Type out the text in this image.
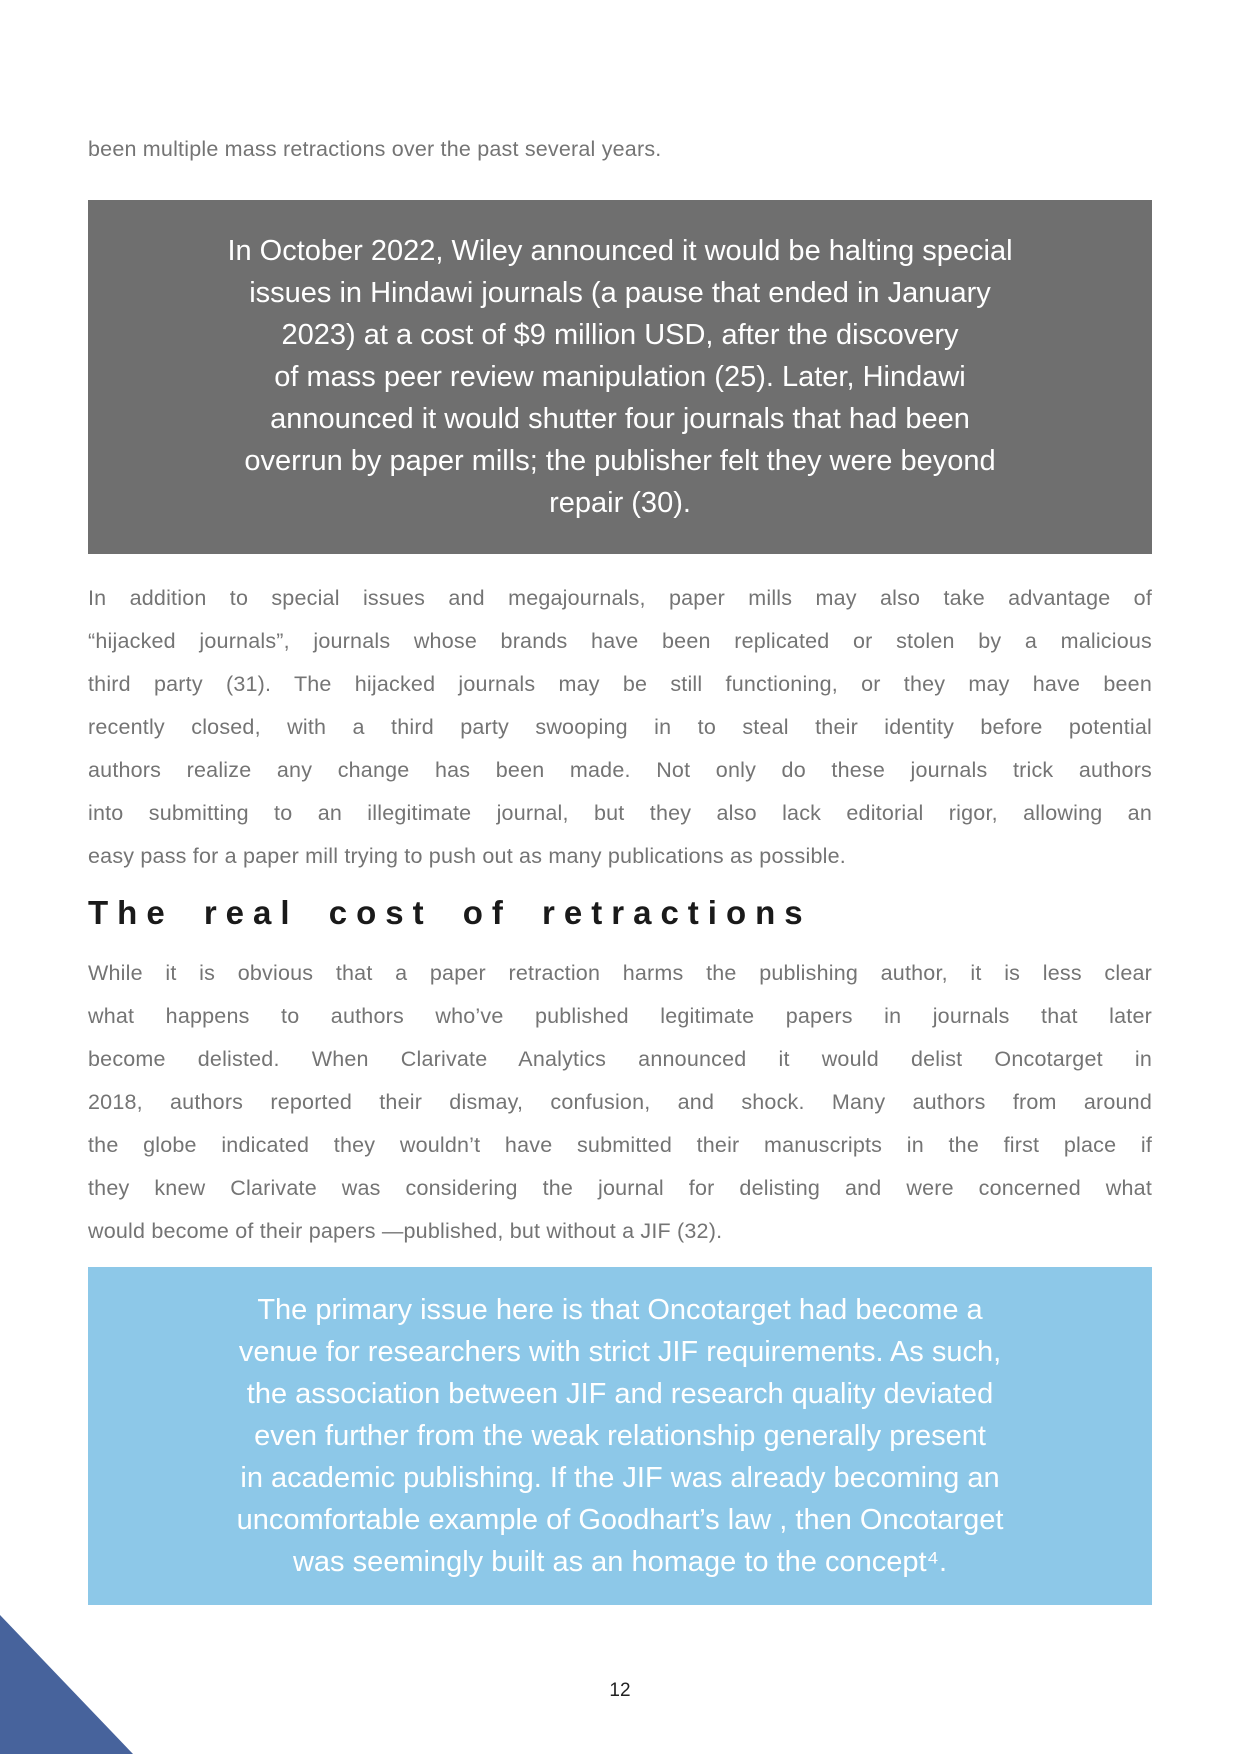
been multiple mass retractions over the past several years.
In October 2022, Wiley announced it would be halting special
issues in Hindawi journals (a pause that ended in January
2023) at a cost of $9 million USD, after the discovery
of mass peer review manipulation (25). Later, Hindawi
announced it would shutter four journals that had been
overrun by paper mills; the publisher felt they were beyond
repair (30).
In addition to special issues and megajournals, paper mills may also take advantage of
“hijacked journals”, journals whose brands have been replicated or stolen by a malicious
third party (31). The hijacked journals may be still functioning, or they may have been
recently closed, with a third party swooping in to steal their identity before potential
authors realize any change has been made. Not only do these journals trick authors
into submitting to an illegitimate journal, but they also lack editorial rigor, allowing an
easy pass for a paper mill trying to push out as many publications as possible.
The real cost of retractions
While it is obvious that a paper retraction harms the publishing author, it is less clear
what happens to authors who’ve published legitimate papers in journals that later
become delisted. When Clarivate Analytics announced it would delist Oncotarget in
2018, authors reported their dismay, confusion, and shock. Many authors from around
the globe indicated they wouldn’t have submitted their manuscripts in the first place if
they knew Clarivate was considering the journal for delisting and were concerned what
would become of their papers —published, but without a JIF (32).
The primary issue here is that Oncotarget had become a
venue for researchers with strict JIF requirements. As such,
the association between JIF and research quality deviated
even further from the weak relationship generally present
in academic publishing. If the JIF was already becoming an
uncomfortable example of Goodhart’s law , then Oncotarget
was seemingly built as an homage to the concept⁴.
12
